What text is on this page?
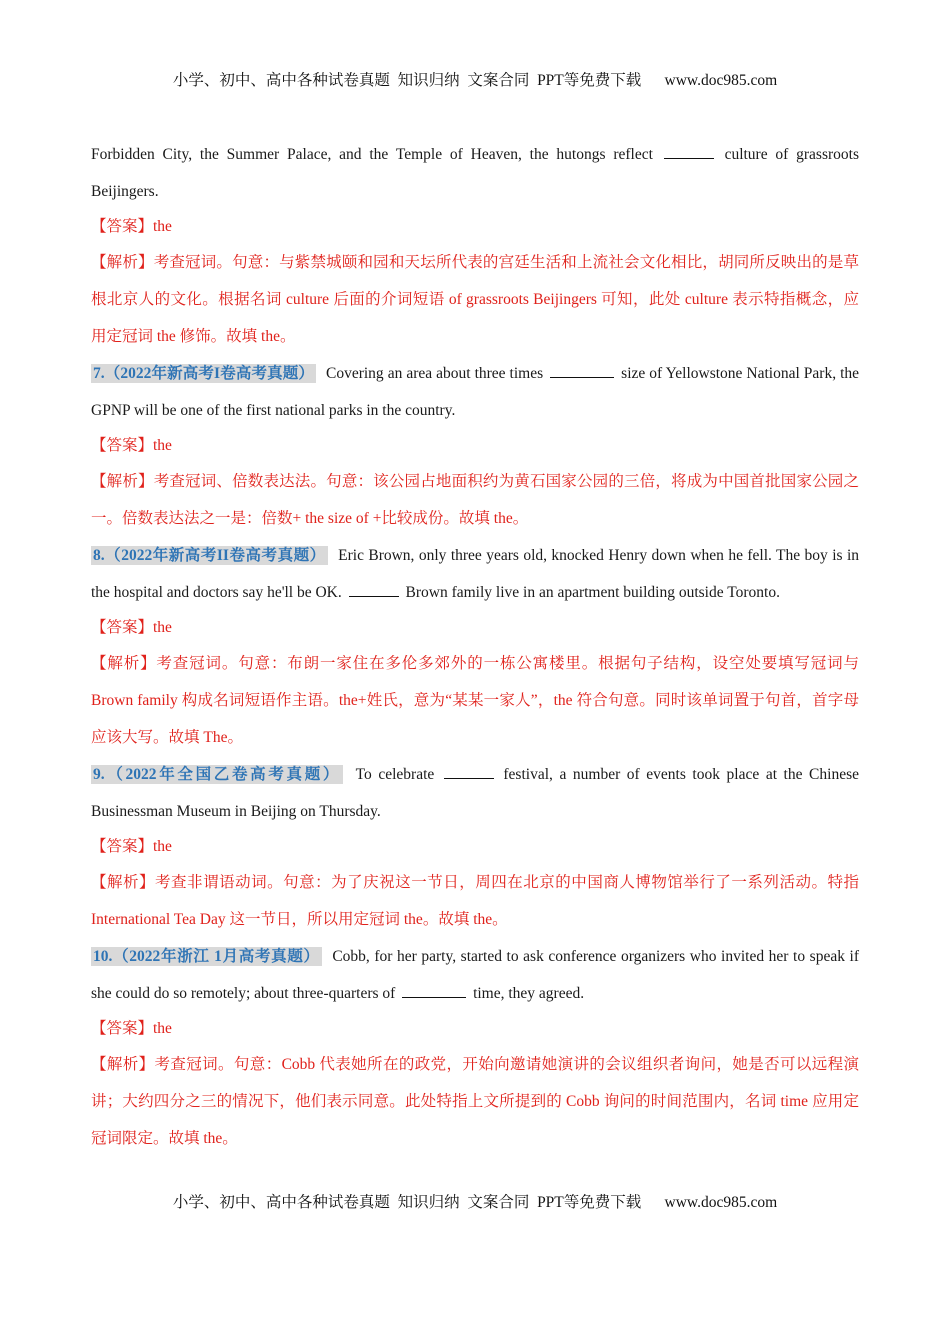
小学、初中、高中各种试卷真题  知识归纳  文案合同  PPT等免费下载      www.doc985.com

Forbidden City, the Summer Palace, and the Temple of Heaven, the hutongs reflect	culture of grassroots Beijingers.

【答案】the

【解析】考查冠词。句意：与紫禁城颐和园和天坛所代表的宫廷生活和上流社会文化相比，胡同所反映出的是草根北京人的文化。根据名词 culture 后面的介词短语 of grassroots Beijingers 可知，此处 culture 表示特指概念，应用定冠词 the 修饰。故填 the。

7.（2022年新高考I卷高考真题） Covering an area about three times	size of Yellowstone National Park, the GPNP will be one of the first national parks in the country.

【答案】the

【解析】考查冠词、倍数表达法。句意：该公园占地面积约为黄石国家公园的三倍，将成为中国首批国家公园之一。倍数表达法之一是：倍数+ the size of +比较成份。故填 the。

8.（2022年新高考II卷高考真题） Eric Brown, only three years old, knocked Henry down when he fell. The boy is in the hospital and doctors say he'll be OK.	Brown family live in an apartment building outside Toronto.

【答案】the

【解析】考查冠词。句意：布朗一家住在多伦多郊外的一栋公寓楼里。根据句子结构，设空处要填写冠词与 Brown family 构成名词短语作主语。the+姓氏，意为“某某一家人”，the 符合句意。同时该单词置于句首，首字母应该大写。故填 The。

9.（2022年全国乙卷高考真题） To celebrate	festival, a number of events took place at the Chinese Businessman Museum in Beijing on Thursday.

【答案】the

【解析】考查非谓语动词。句意：为了庆祝这一节日，周四在北京的中国商人博物馆举行了一系列活动。特指 International Tea Day 这一节日，所以用定冠词 the。故填 the。

10.（2022年浙江 1月高考真题） Cobb, for her party, started to ask conference organizers who invited her to speak if she could do so remotely; about three-quarters of	time, they agreed.

【答案】the

【解析】考查冠词。句意：Cobb 代表她所在的政党，开始向邀请她演讲的会议组织者询问，她是否可以远程演讲；大约四分之三的情况下，他们表示同意。此处特指上文所提到的 Cobb 询问的时间范围内，名词 time 应用定冠词限定。故填 the。

小学、初中、高中各种试卷真题  知识归纳  文案合同  PPT等免费下载      www.doc985.com
